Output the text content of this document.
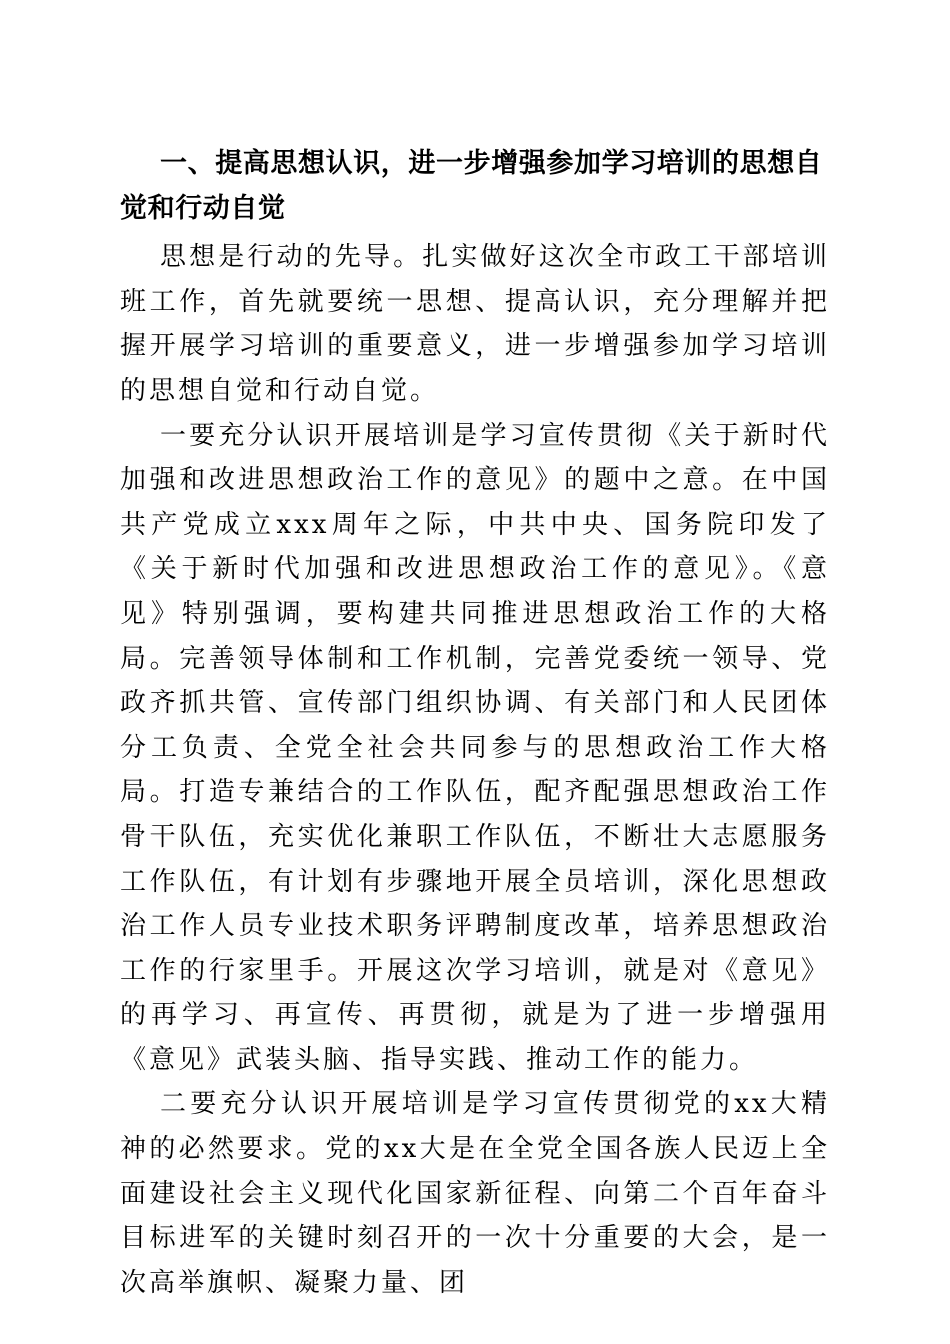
一、提高思想认识，进一步增强参加学习培训的思想自觉和行动自觉

思想是行动的先导。扎实做好这次全市政工干部培训班工作，首先就要统一思想、提高认识，充分理解并把握开展学习培训的重要意义，进一步增强参加学习培训的思想自觉和行动自觉。

一要充分认识开展培训是学习宣传贯彻《关于新时代加强和改进思想政治工作的意见》的题中之意。在中国共产党成立xxx周年之际，中共中央、国务院印发了《关于新时代加强和改进思想政治工作的意见》。《意见》特别强调，要构建共同推进思想政治工作的大格局。完善领导体制和工作机制，完善党委统一领导、党政齐抓共管、宣传部门组织协调、有关部门和人民团体分工负责、全党全社会共同参与的思想政治工作大格局。打造专兼结合的工作队伍，配齐配强思想政治工作骨干队伍，充实优化兼职工作队伍，不断壮大志愿服务工作队伍，有计划有步骤地开展全员培训，深化思想政治工作人员专业技术职务评聘制度改革，培养思想政治工作的行家里手。开展这次学习培训，就是对《意见》的再学习、再宣传、再贯彻，就是为了进一步增强用《意见》武装头脑、指导实践、推动工作的能力。

二要充分认识开展培训是学习宣传贯彻党的xx大精神的必然要求。党的xx大是在全党全国各族人民迈上全面建设社会主义现代化国家新征程、向第二个百年奋斗目标进军的关键时刻召开的一次十分重要的大会，是一次高举旗帜、凝聚力量、团
